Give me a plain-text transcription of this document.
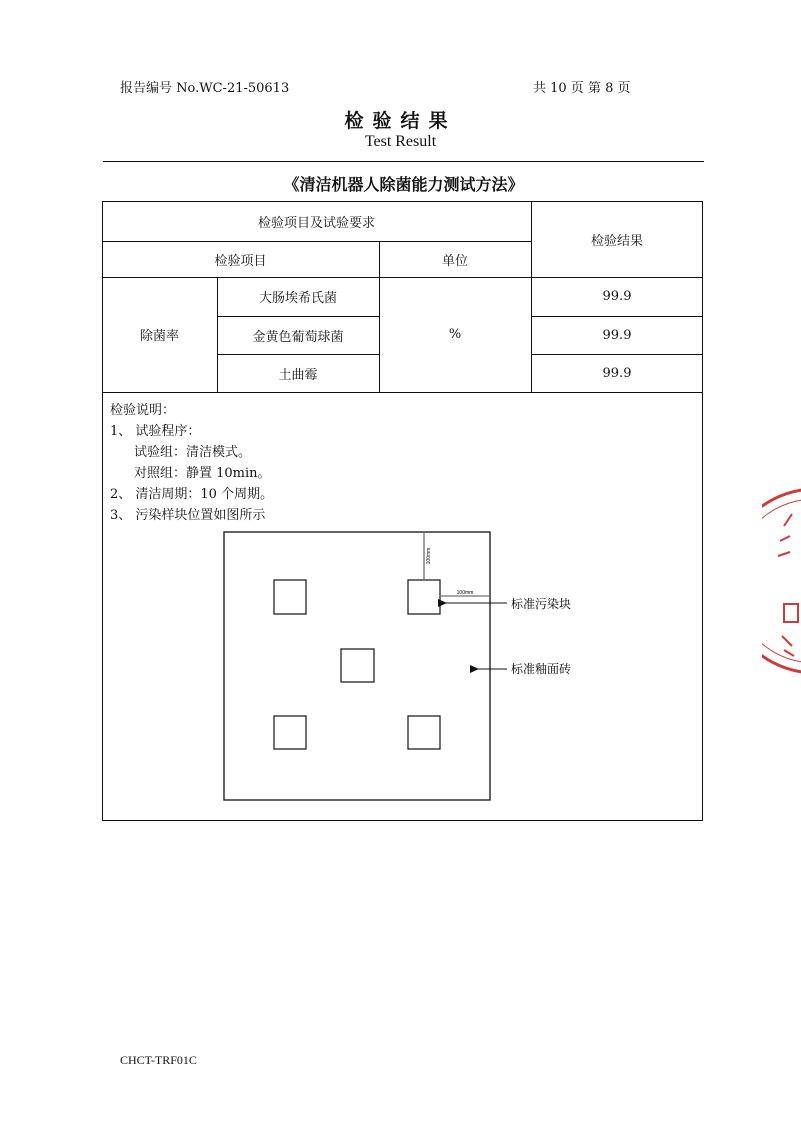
报告编号 No.WC-21-50613	共 10 页 第 8 页
检验结果
Test Result
《清洁机器人除菌能力测试方法》
检验项目及试验要求
检验结果
检验项目	单位
除菌率	%
大肠埃希氏菌	99.9
金黄色葡萄球菌	99.9
土曲霉	99.9
检验说明：
1、 试验程序：
试验组：清洁模式。
对照组：静置 10min。
2、 清洁周期：10 个周期。
3、 污染样块位置如图所示
100mm
100mm
标准污染块
标准釉面砖
CHCT-TRF01C
